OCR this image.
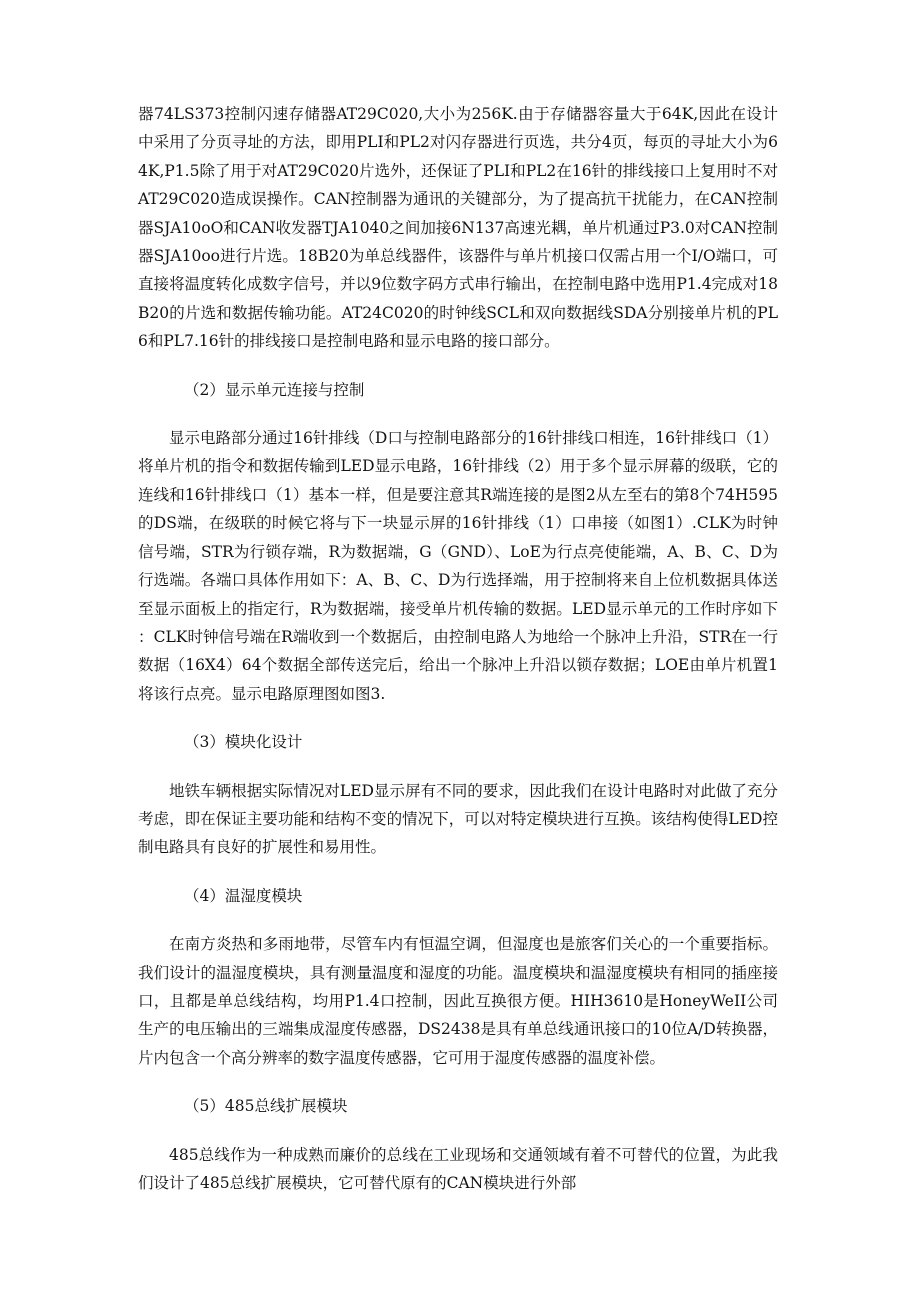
器74LS373控制闪速存储器AT29C020,大小为256K.由于存储器容量大于64K,因此在设计中采用了分页寻址的方法，即用PLI和PL2对闪存器进行页选，共分4页，每页的寻址大小为64K,P1.5除了用于对AT29C020片选外，还保证了PLI和PL2在16针的排线接口上复用时不对AT29C020造成误操作。CAN控制器为通讯的关键部分，为了提高抗干扰能力，在CAN控制器SJA10oO和CAN收发器TJA1040之间加接6N137高速光耦，单片机通过P3.0对CAN控制器SJA10oo进行片选。18B20为单总线器件，该器件与单片机接口仅需占用一个I/O端口，可直接将温度转化成数字信号，并以9位数字码方式串行输出，在控制电路中选用P1.4完成对18B20的片选和数据传输功能。AT24C020的时钟线SCL和双向数据线SDA分别接单片机的PL6和PL7.16针的排线接口是控制电路和显示电路的接口部分。

（2）显示单元连接与控制

显示电路部分通过16针排线（D口与控制电路部分的16针排线口相连，16针排线口（1）将单片机的指令和数据传输到LED显示电路，16针排线（2）用于多个显示屏幕的级联，它的连线和16针排线口（1）基本一样，但是要注意其R端连接的是图2从左至右的第8个74H595的DS端，在级联的时候它将与下一块显示屏的16针排线（1）口串接（如图1）.CLK为时钟信号端，STR为行锁存端，R为数据端，G（GND）、LoE为行点亮使能端，A、B、C、D为行选端。各端口具体作用如下：A、B、C、D为行选择端，用于控制将来自上位机数据具体送至显示面板上的指定行，R为数据端，接受单片机传输的数据。LED显示单元的工作时序如下：CLK时钟信号端在R端收到一个数据后，由控制电路人为地给一个脉冲上升沿，STR在一行数据（16X4）64个数据全部传送完后，给出一个脉冲上升沿以锁存数据；LOE由单片机置1将该行点亮。显示电路原理图如图3.

（3）模块化设计

地铁车辆根据实际情况对LED显示屏有不同的要求，因此我们在设计电路时对此做了充分考虑，即在保证主要功能和结构不变的情况下，可以对特定模块进行互换。该结构使得LED控制电路具有良好的扩展性和易用性。

（4）温湿度模块

在南方炎热和多雨地带，尽管车内有恒温空调，但湿度也是旅客们关心的一个重要指标。我们设计的温湿度模块，具有测量温度和湿度的功能。温度模块和温湿度模块有相同的插座接口，且都是单总线结构，均用P1.4口控制，因此互换很方便。HIH3610是HoneyWeII公司生产的电压输出的三端集成湿度传感器，DS2438是具有单总线通讯接口的10位A/D转换器，片内包含一个高分辨率的数字温度传感器，它可用于湿度传感器的温度补偿。

（5）485总线扩展模块

485总线作为一种成熟而廉价的总线在工业现场和交通领域有着不可替代的位置，为此我们设计了485总线扩展模块，它可替代原有的CAN模块进行外部
